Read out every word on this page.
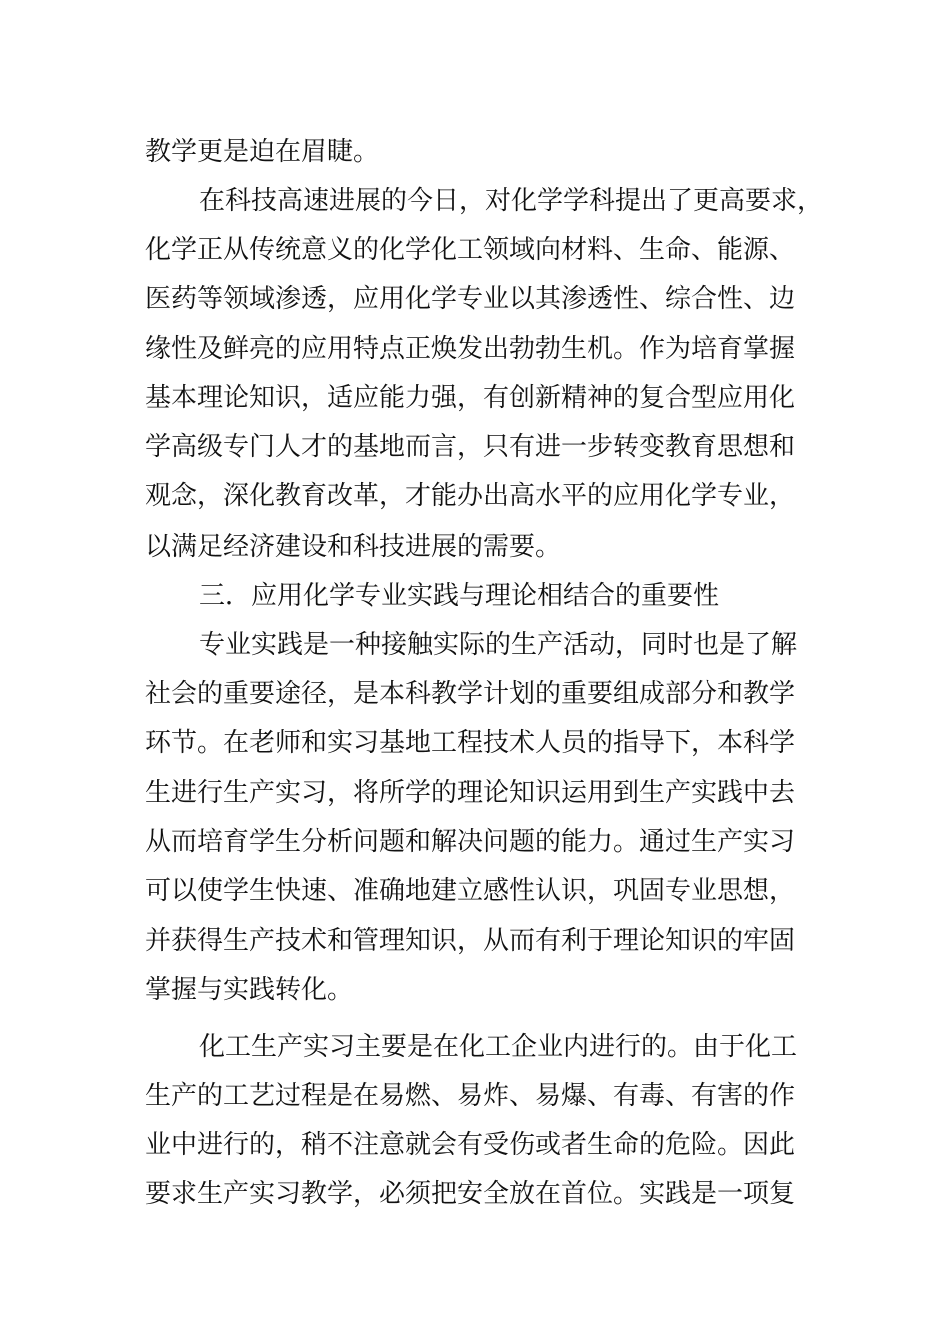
教学更是迫在眉睫。
在科技高速进展的今日，对化学学科提出了更高要求，
化学正从传统意义的化学化工领域向材料、生命、能源、
医药等领域渗透，应用化学专业以其渗透性、综合性、边
缘性及鲜亮的应用特点正焕发出勃勃生机。作为培育掌握
基本理论知识，适应能力强，有创新精神的复合型应用化
学高级专门人才的基地而言，只有进一步转变教育思想和
观念，深化教育改革，才能办出高水平的应用化学专业，
以满足经济建设和科技进展的需要。
三．应用化学专业实践与理论相结合的重要性
专业实践是一种接触实际的生产活动，同时也是了解
社会的重要途径，是本科教学计划的重要组成部分和教学
环节。在老师和实习基地工程技术人员的指导下，本科学
生进行生产实习，将所学的理论知识运用到生产实践中去
从而培育学生分析问题和解决问题的能力。通过生产实习
可以使学生快速、准确地建立感性认识，巩固专业思想，
并获得生产技术和管理知识，从而有利于理论知识的牢固
掌握与实践转化。
化工生产实习主要是在化工企业内进行的。由于化工
生产的工艺过程是在易燃、易炸、易爆、有毒、有害的作
业中进行的，稍不注意就会有受伤或者生命的危险。因此
要求生产实习教学，必须把安全放在首位。实践是一项复
